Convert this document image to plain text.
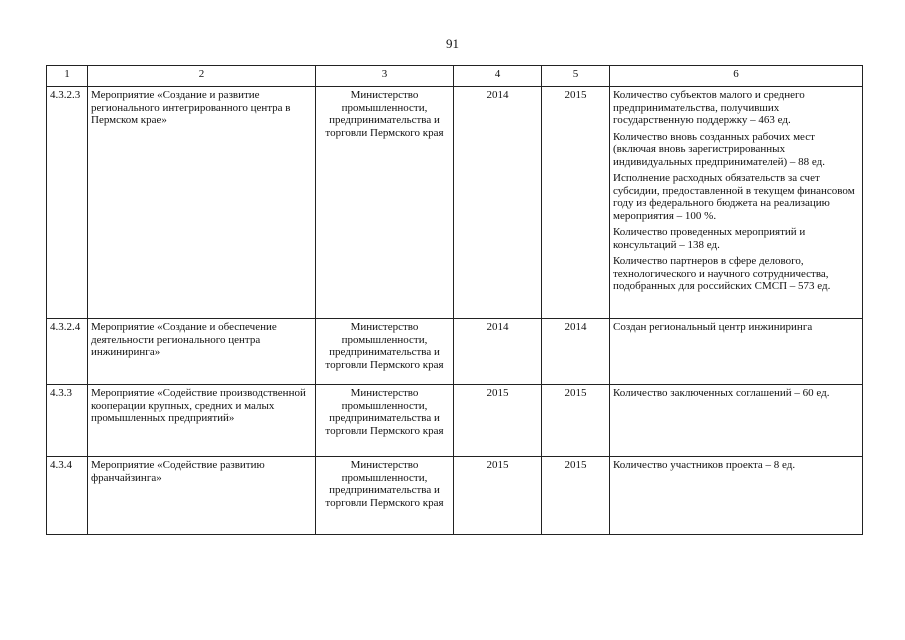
91
1	2	3	4	5	6
4.3.2.3	Мероприятие «Создание и развитие регионального интегрированного центра в Пермском крае»	Министерство промышленности, предпринимательства и торговли Пермского края	2014	2015	Количество субъектов малого и среднего предпринимательства, получивших государственную поддержку – 463 ед.

Количество вновь созданных рабочих мест (включая вновь зарегистрированных индивидуальных предпринимателей) – 88 ед.

Исполнение расходных обязательств за счет субсидии, предоставленной в текущем финансовом году из федерального бюджета на реализацию мероприятия – 100 %.

Количество проведенных мероприятий и консультаций – 138 ед.

Количество партнеров в сфере делового, технологического и научного сотрудничества, подобранных для российских СМСП – 573 ед.

4.3.2.4	Мероприятие «Создание и обеспечение деятельности регионального центра инжиниринга»	Министерство промышленности, предпринимательства и торговли Пермского края	2014	2014	Создан региональный центр инжиниринга

4.3.3	Мероприятие «Содействие производственной кооперации крупных, средних и малых промышленных предприятий»	Министерство промышленности, предпринимательства и торговли Пермского края	2015	2015	Количество заключенных соглашений – 60 ед.

4.3.4	Мероприятие «Содействие развитию франчайзинга»	Министерство промышленности, предпринимательства и торговли Пермского края	2015	2015	Количество участников проекта – 8 ед.
